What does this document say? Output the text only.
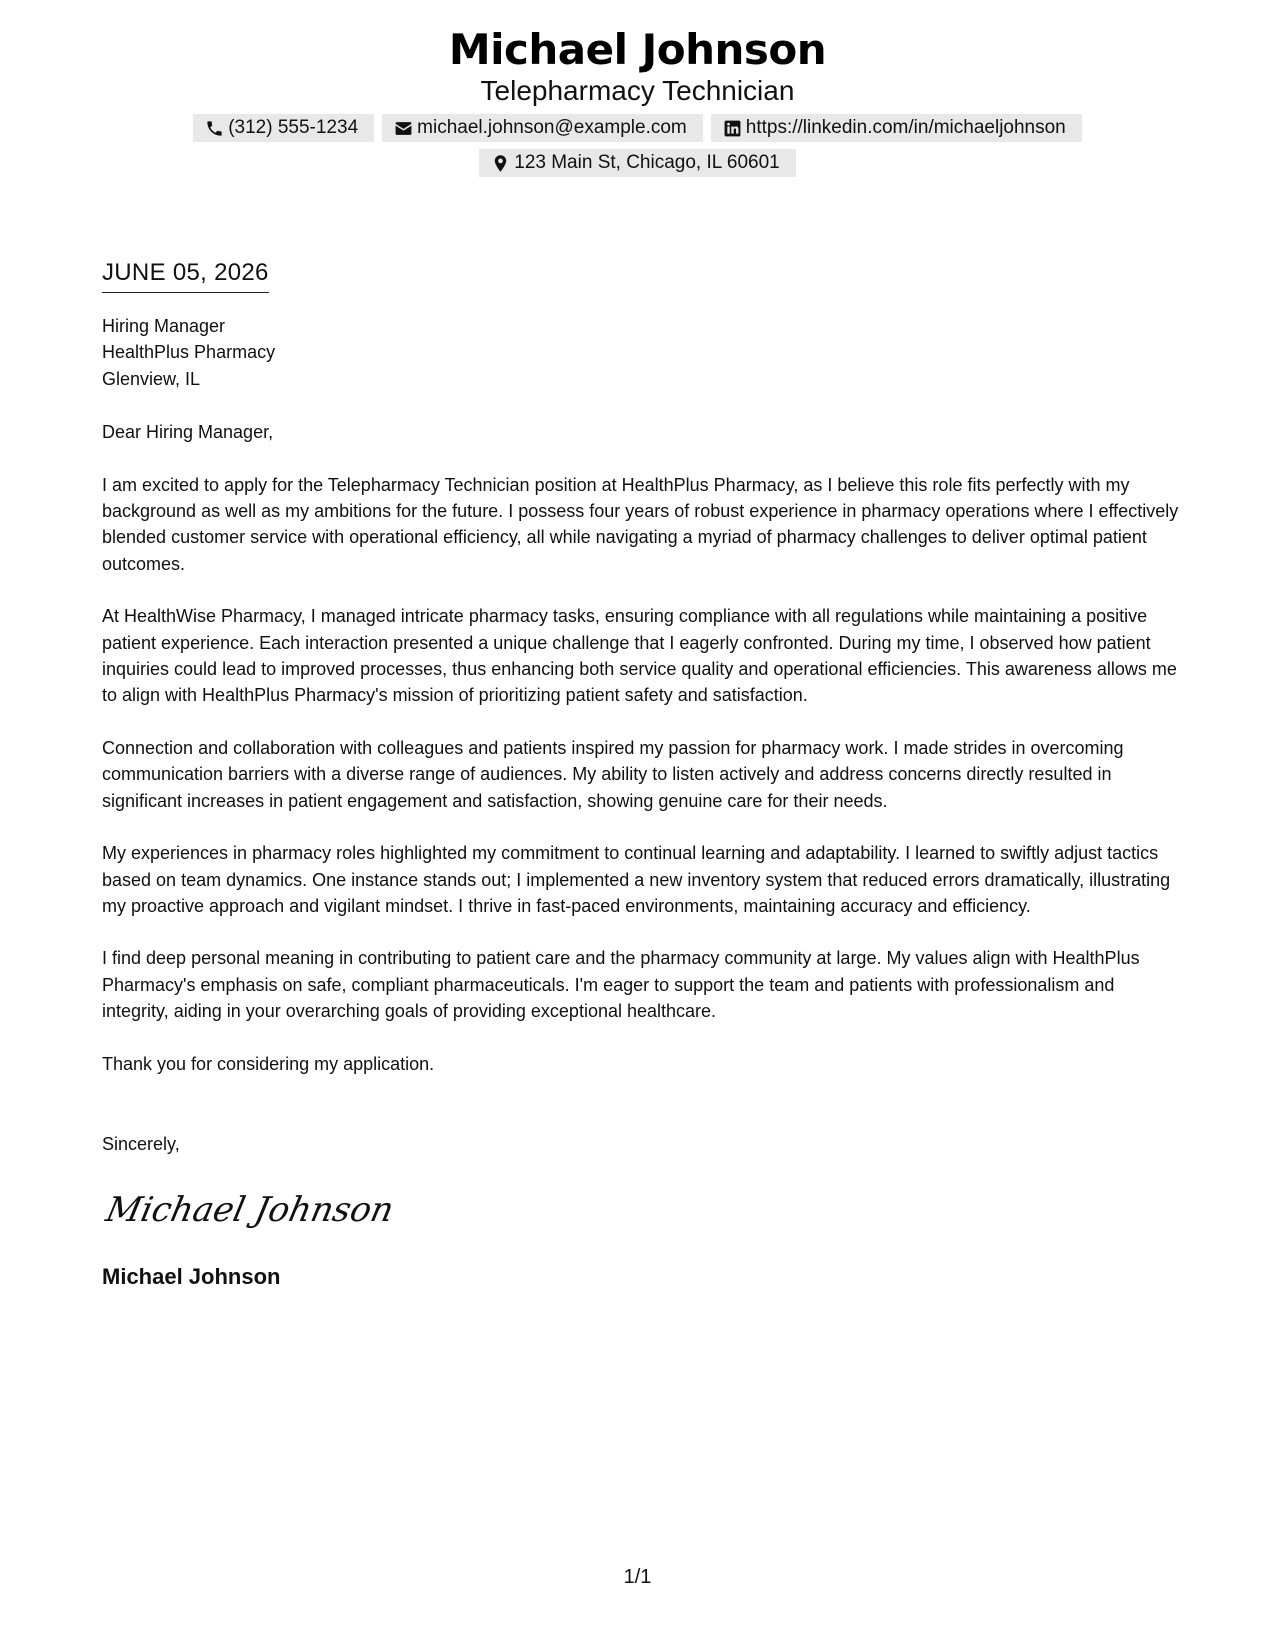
Michael Johnson
Telepharmacy Technician
(312) 555-1234	michael.johnson@example.com	https://linkedin.com/in/michaeljohnson
123 Main St, Chicago, IL 60601
JUNE 05, 2026
Hiring Manager
HealthPlus Pharmacy
Glenview, IL
Dear Hiring Manager,
I am excited to apply for the Telepharmacy Technician position at HealthPlus Pharmacy, as I believe this role fits perfectly with my background as well as my ambitions for the future. I possess four years of robust experience in pharmacy operations where I effectively blended customer service with operational efficiency, all while navigating a myriad of pharmacy challenges to deliver optimal patient outcomes.
At HealthWise Pharmacy, I managed intricate pharmacy tasks, ensuring compliance with all regulations while maintaining a positive patient experience. Each interaction presented a unique challenge that I eagerly confronted. During my time, I observed how patient inquiries could lead to improved processes, thus enhancing both service quality and operational efficiencies. This awareness allows me to align with HealthPlus Pharmacy's mission of prioritizing patient safety and satisfaction.
Connection and collaboration with colleagues and patients inspired my passion for pharmacy work. I made strides in overcoming communication barriers with a diverse range of audiences. My ability to listen actively and address concerns directly resulted in significant increases in patient engagement and satisfaction, showing genuine care for their needs.
My experiences in pharmacy roles highlighted my commitment to continual learning and adaptability. I learned to swiftly adjust tactics based on team dynamics. One instance stands out; I implemented a new inventory system that reduced errors dramatically, illustrating my proactive approach and vigilant mindset. I thrive in fast-paced environments, maintaining accuracy and efficiency.
I find deep personal meaning in contributing to patient care and the pharmacy community at large. My values align with HealthPlus Pharmacy's emphasis on safe, compliant pharmaceuticals. I'm eager to support the team and patients with professionalism and integrity, aiding in your overarching goals of providing exceptional healthcare.
Thank you for considering my application.
Sincerely,
Michael Johnson
Michael Johnson
1/1
